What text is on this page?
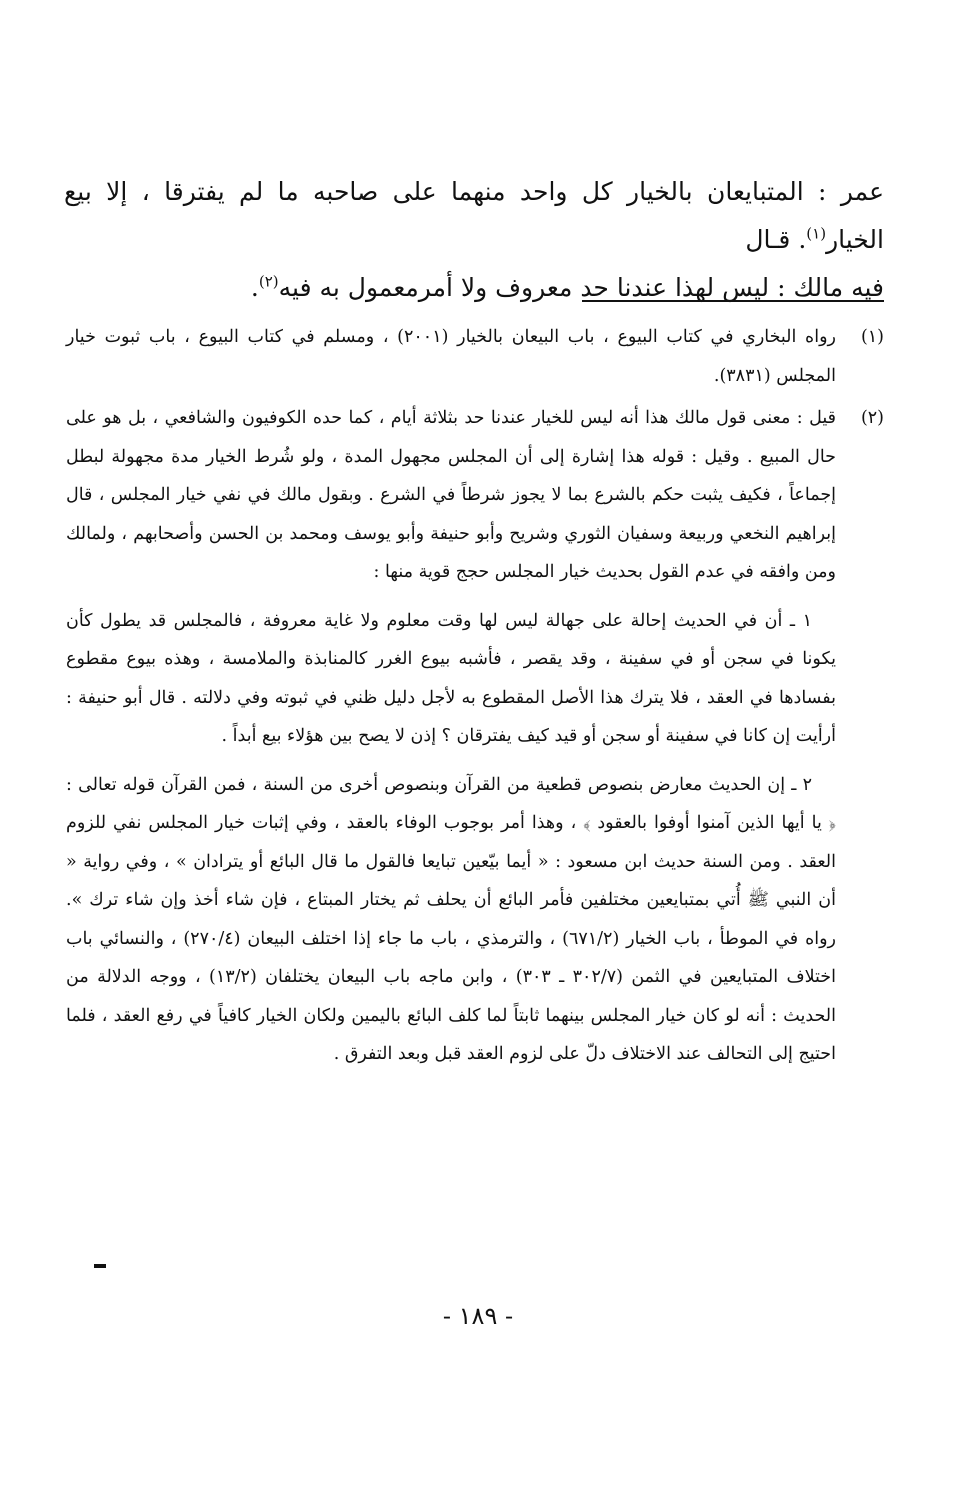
عمر : المتبايعان بالخيار كل واحد منهما على صاحبه ما لم يفترقا ، إلا بيع الخيار$^{(١)}$. قـال

فيه مالك : ليس لهذا عندنا حد معروف ولا أمرمعمول به فيه$^{(٢)}$.

(١)
رواه البخاري في كتاب البيوع ، باب البيعان بالخيار (٢٠٠١) ، ومسلم في كتاب البيوع ، باب ثبوت خيار المجلس (٣٨٣١).
(٢)
قيل : معنى قول مالك هذا أنه ليس للخيار عندنا حد بثلاثة أيام ، كما حده الكوفيون والشافعي ، بل هو على حال المبيع . وقيل : قوله هذا إشارة إلى أن المجلس مجهول المدة ، ولو شُرط الخيار مدة مجهولة لبطل إجماعاً ، فكيف يثبت حكم بالشرع بما لا يجوز شرطاً في الشرع . وبقول مالك في نفي خيار المجلس ، قال إبراهيم النخعي وربيعة وسفيان الثوري وشريح وأبو حنيفة وأبو يوسف ومحمد بن الحسن وأصحابهم ، ولمالك ومن وافقه في عدم القول بحديث خيار المجلس حجج قوية منها :

١ ـ أن في الحديث إحالة على جهالة ليس لها وقت معلوم ولا غاية معروفة ، فالمجلس قد يطول كأن يكونا في سجن أو في سفينة ، وقد يقصر ، فأشبه بيوع الغرر كالمنابذة والملامسة ، وهذه بيوع مقطوع بفسادها في العقد ، فلا يترك هذا الأصل المقطوع به لأجل دليل ظني في ثبوته وفي دلالته . قال أبو حنيفة : أرأيت إن كانا في سفينة أو سجن أو قيد كيف يفترقان ؟ إذن لا يصح بين هؤلاء بيع أبداً .

٢ ـ إن الحديث معارض بنصوص قطعية من القرآن وبنصوص أخرى من السنة ، فمن القرآن قوله تعالى : ﴿ يا أيها الذين آمنوا أوفوا بالعقود ﴾ ، وهذا أمر بوجوب الوفاء بالعقد ، وفي إثبات خيار المجلس نفي للزوم العقد . ومن السنة حديث ابن مسعود : « أيما بيّعين تبايعا فالقول ما قال البائع أو يترادان » ، وفي رواية « أن النبي ﷺ أُتي بمتبايعين مختلفين فأمر البائع أن يحلف ثم يختار المبتاع ، فإن شاء أخذ وإن شاء ترك ». رواه في الموطأ ، باب الخيار (٦٧١/٢) ، والترمذي ، باب ما جاء إذا اختلف البيعان (٢٧٠/٤) ، والنسائي باب اختلاف المتبايعين في الثمن (٣٠٢/٧ ـ ٣٠٣) ، وابن ماجه باب البيعان يختلفان (١٣/٢) ، ووجه الدلالة من الحديث : أنه لو كان خيار المجلس بينهما ثابتاً لما كلف البائع باليمين ولكان الخيار كافياً في رفع العقد ، فلما احتيج إلى التحالف عند الاختلاف دلّ على لزوم العقد قبل وبعد التفرق .

- ١٨٩ -
